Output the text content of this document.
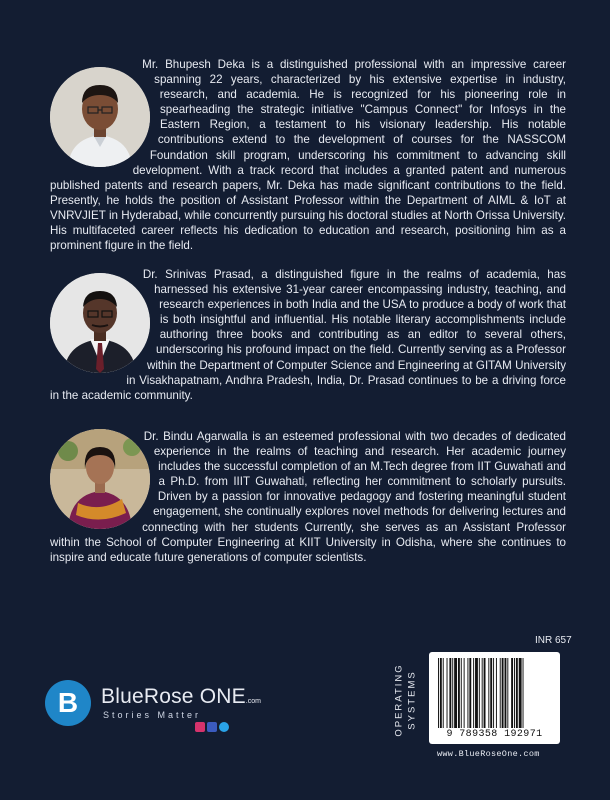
Mr. Bhupesh Deka is a distinguished professional with an impressive career spanning 22 years, characterized by his extensive expertise in industry, research, and academia. He is recognized for his pioneering role in spearheading the strategic initiative "Campus Connect" for Infosys in the Eastern Region, a testament to his visionary leadership. His notable contributions extend to the development of courses for the NASSCOM Foundation skill program, underscoring his commitment to advancing skill development. With a track record that includes a granted patent and numerous published patents and research papers, Mr. Deka has made significant contributions to the field. Presently, he holds the position of Assistant Professor within the Department of AIML & IoT at VNRVJIET in Hyderabad, while concurrently pursuing his doctoral studies at North Orissa University. His multifaceted career reflects his dedication to education and research, positioning him as a prominent figure in the field.
Dr. Srinivas Prasad, a distinguished figure in the realms of academia, has harnessed his extensive 31-year career encompassing industry, teaching, and research experiences in both India and the USA to produce a body of work that is both insightful and influential. His notable literary accomplishments include authoring three books and contributing as an editor to several others, underscoring his profound impact on the field. Currently serving as a Professor within the Department of Computer Science and Engineering at GITAM University in Visakhapatnam, Andhra Pradesh, India, Dr. Prasad continues to be a driving force in the academic community.
Dr. Bindu Agarwalla is an esteemed professional with two decades of dedicated experience in the realms of teaching and research. Her academic journey includes the successful completion of an M.Tech degree from IIT Guwahati and a Ph.D. from IIIT Guwahati, reflecting her commitment to scholarly pursuits. Driven by a passion for innovative pedagogy and fostering meaningful student engagement, she continually explores novel methods for delivering lectures and connecting with her students Currently, she serves as an Assistant Professor within the School of Computer Engineering at KIIT University in Odisha, where she continues to inspire and educate future generations of computer scientists.
B	BlueRose ONE.com
Stories Matter
INR 657
OPERATING SYSTEMS
9 789358 192971
www.BlueRoseOne.com
